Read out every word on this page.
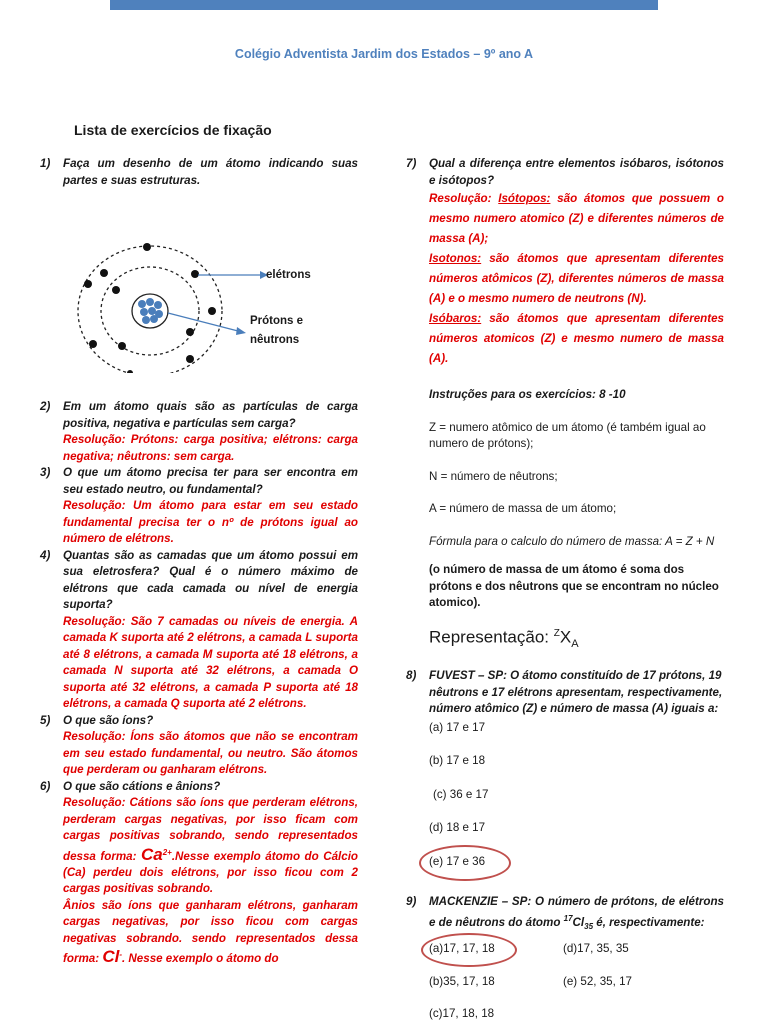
Colégio Adventista Jardim dos Estados – 9º ano A
Lista de exercícios de fixação
1)	Faça um desenho de um átomo indicando suas partes e suas estruturas.
elétrons
Prótons e
nêutrons
2)	Em um átomo quais são as partículas de carga positiva, negativa e partículas sem carga?
Resolução: Prótons: carga positiva; elétrons: carga negativa; nêutrons: sem carga.
3)	O que um átomo precisa ter para ser encontra em seu estado neutro, ou fundamental?
Resolução: Um átomo para estar em seu estado fundamental precisa ter o nº de prótons igual ao número de elétrons.
4)	Quantas são as camadas que um átomo possui em sua eletrosfera? Qual é o número máximo de elétrons que cada camada ou nível de energia suporta?
Resolução: São 7 camadas ou níveis de energia. A camada K suporta até 2 elétrons, a camada L suporta até 8 elétrons, a camada M suporta até 18 elétrons, a camada N suporta até 32 elétrons, a camada O suporta até 32 elétrons, a camada P suporta até 18 elétrons, a camada Q suporta até 2 elétrons.
5)	O que são íons?
Resolução: Íons são átomos que não se encontram em seu estado fundamental, ou neutro. São átomos que perderam ou ganharam elétrons.
6)	O que são cátions e ânions?
Resolução: Cátions são íons que perderam elétrons, perderam cargas negativas, por isso ficam com cargas positivas sobrando, sendo representados dessa forma: $Ca^{2+}.Nesse$ exemplo átomo do Cálcio (Ca) perdeu dois elétrons, por isso ficou com 2 cargas positivas sobrando.
Ânios são íons que ganharam elétrons, ganharam cargas negativas, por isso ficou com cargas negativas sobrando. sendo representados dessa forma: Cl-. Nesse exemplo o átomo do
7)	Qual a diferença entre elementos isóbaros, isótonos e isótopos?
Resolução: Isótopos: são átomos que possuem o mesmo numero atomico (Z) e diferentes números de massa (A);
Isotonos: são átomos que apresentam diferentes números atômicos (Z), diferentes números de massa (A) e o mesmo numero de neutrons (N).
Isóbaros: são átomos que apresentam diferentes números atomicos (Z) e mesmo numero de massa (A).
Instruções para os exercícios: 8 -10
Z = numero atômico de um átomo (é também igual ao numero de prótons);
N = número de nêutrons;
A = número de massa de um átomo;
Fórmula para o calculo do número de massa: A = Z + N
(o número de massa de um átomo é soma dos prótons e dos nêutrons que se encontram no núcleo atomico).
Representação: $^ZX_A$
8)	FUVEST – SP: O átomo constituído de 17 prótons, 19 nêutrons e 17 elétrons apresentam, respectivamente, número atômico (Z) e número de massa (A) iguais a:
(a) 17 e 17
(b) 17 e 18
(c) 36 e 17
(d) 18 e 17
(e) 17 e 36
9)	MACKENZIE – SP: O número de prótons, de elétrons e de nêutrons do átomo $^{17}Cl_{35}$ é, respectivamente:
(a)17, 17, 18	(d)17, 35, 35
(b)35, 17, 18	(e) 52, 35, 17
(c)17, 18, 18
